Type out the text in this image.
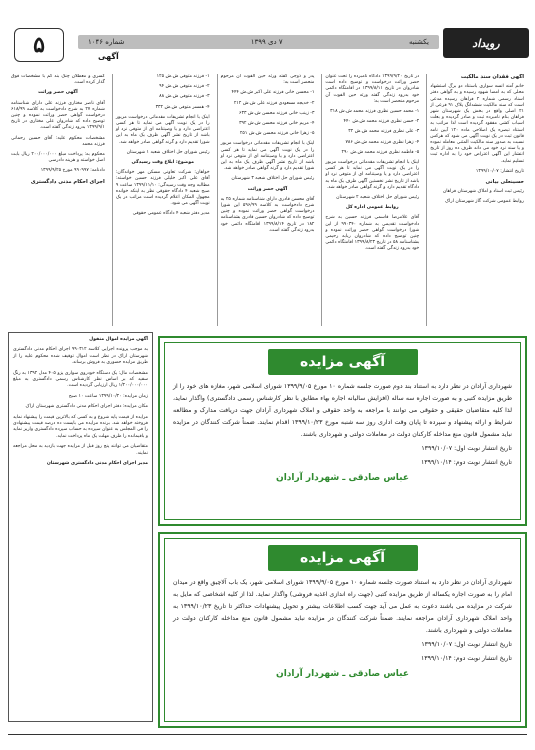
رویداد
یکشنبه
۷ دی ۱۳۹۹
شماره ۱۰۴۶
آگهی
۵

آگهی فقدان سند مالکیت

خانم آمنه انسه سواری باستناد دو برگ استشهاد محلی که به امضا شهود رسیده و به گواهی دفتر اسناد رسمی شماره ۲ فراهان رسیده مدعی است که سند مالکیت ششدانگ پلاک ۹۱ فرعی از ۲۱ اصلی واقع در بخش یک شهرستان شهر فراهان بنام نامبرده ثبت و صادر گردیده و بعلت اسباب کشی مفقود گردیده است لذا مراتب به استناد تبصره یک اصلاحی ماده ۱۲۰ آیین نامه قانون ثبت در یک نوبت آگهی می شود که هرکس نسبت به صدور سند مالکیت المثنی معامله نموده و یا سند نزد خود می داند ظرف ده روز از تاریخ انتشار این آگهی اعتراض خود را به اداره ثبت تسلیم نماید.

تاریخ انتشار: ۱۳۹۹/۱۰/۰۷

حسینعلی بیانی

رئیس ثبت اسناد و املاک شهرستان فراهان

روابط عمومی شرکت گاز شهرستان اراک

در تاریخ ۱۳۹۹/۹/۲۰ دادگاه نامبرده را تحت عنوان حصر وراثت درخواست و توضیح داده است شادروان در تاریخ ۱۳۹۹/۸/۱۱ در اقامتگاه دائمی خود بدرود زندگی گفته ورثه حین الفوت آن مرحوم منحصر است به:

۱- محمد حسین نظری فرزند محمد ش.ش ۳۱۸

۲- حسن نظری فرزند محمد ش.ش ۴۴۰

۳- علی نظری فرزند محمد ش.ش ۳۲

۴- زهرا نظری فرزند محمد ش.ش ۷۸۶

۵- فاطمه نظری فرزند محمد ش.ش ۲۹۰

اینک با انجام تشریفات مقدماتی درخواست مزبور را در یک نوبت آگهی می نماید تا هر کسی اعتراضی دارد و یا وصیتنامه ای از متوفی نزد او باشد از تاریخ نشر نخستین آگهی ظرف یک ماه به دادگاه تقدیم دارد و گرنه گواهی صادر خواهد شد.

رئیس شورای حل اختلاف شعبه ۲ شهرستان

روابط عمومی اداره کل

آقای غلامرضا قاسمی فرزند حسین به شرح دادخواست تقدیمی به شماره ۹۹۰۳۴۰ از این شورا درخواست گواهی حصر وراثت نموده و چنین توضیح داده که شادروان ربابه رحیمی بشناسنامه ۵۸ در تاریخ ۱۳۹۹/۸/۲۳ اقامتگاه دائمی خود بدرود زندگی گفته است.

پدر و ذوجی گفته ورثه حین الفوت آن مرحوم منحصر است به:

۱- محسن خانی فرزند علی اکبر ش.ش ۴۴۴

۲- خدیجه مسعودی فرزند علی ش.ش ۲۱۲

۳- زینب خانی فرزند محسن ش.ش ۶۳۳

۴- مریم خانی فرزند محسن ش.ش ۳۹۲

۵- زهرا خانی فرزند محسن ش.ش ۲۵۱

اینک با انجام تشریفات مقدماتی درخواست مزبور را در یک نوبت آگهی می نماید تا هر کسی اعتراضی دارد و یا وصیتنامه ای از متوفی نزد او باشد از تاریخ نشر آگهی ظرف یک ماه به این شورا تقدیم دارد و گرنه گواهی صادر خواهد شد.

رئیس شورای حل اختلاف شعبه ۳ شهرستان

آگهی حصر وراثت

آقای محسن قادری دارای شناسنامه شماره ۲۵ به شرح دادخواست به کلاسه ۵۹۶/۹۹ این شورا درخواست گواهی حصر وراثت نموده و چنین توضیح داده که شادروان حسین قادری بشناسنامه ۱۸۲ در تاریخ ۱۳۹۹/۸/۱۴ اقامتگاه دائمی خود بدرود زندگی گفته است.

۱- فرزند متوفی ش.ش ۱۲۵

۲- فرزند متوفی ش.ش ۹۴

۳- فرزند متوفی ش.ش ۸۸

۴- همسر متوفی ش.ش ۳۳۲

اینک با انجام تشریفات مقدماتی درخواست مزبور را در یک نوبت آگهی می نماید تا هر کسی اعتراضی دارد و یا وصیتنامه ای از متوفی نزد او باشد از تاریخ نشر آگهی ظرف یک ماه به این شورا تقدیم دارد و گرنه گواهی صادر خواهد شد.

رئیس شورای حل اختلاف شعبه ۱ شهرستان

موضوع: ابلاغ وقت رسیدگی

خواهان: شرکت تعاونی مسکن مهر خواندگان: آقای علی اکبر خلیلی فرزند حسین خواسته: مطالبه وجه وقت رسیدگی: ۱۳۹۹/۱۱/۱۰ ساعت ۹ صبح شعبه ۴ دادگاه حقوقی نظر به اینکه خوانده مجهول المکان اعلام گردیده است مراتب در یک نوبت آگهی می شود.

مدیر دفتر شعبه ۴ دادگاه عمومی حقوقی

کسری و معطلان چنگ بند کم با مشخصات فوق گذار کرده است.

آگهی حصر وراثت

آقای ناصر مختاری فرزند علی دارای شناسنامه شماره ۲۷ به شرح دادخواست به کلاسه ۶۱۸/۹۹ درخواست گواهی حصر وراثت نموده و چنین توضیح داده که شادروان علی مختاری در تاریخ ۱۳۹۹/۹/۱ بدرود زندگی گفته است.

مشخصات محکوم علیه: آقای حسین رحمانی فرزند محمد

محکوم به: پرداخت مبلغ ۲۰۰/۰۰۰/۰۰۰ ریال بابت اصل خواسته و هزینه دادرسی

دادنامه: ۹۹۰۹۹۷ مورخ ۱۳۹۹/۹/۲۵

اجرای احکام مدنی دادگستری

آگهی مزایده اموال منقول

به موجب پرونده اجرایی کلاسه ۹۹۰۳۱۲ اجرای احکام مدنی دادگستری شهرستان اراک در نظر است اموال توقیف شده محکوم علیه را از طریق مزایده حضوری به فروش برساند.

مشخصات مال: یک دستگاه خودروی سواری پژو ۴۰۵ مدل ۱۳۹۲ به رنگ سفید که بر اساس نظر کارشناس رسمی دادگستری به مبلغ ۱/۲۰۰/۰۰۰/۰۰۰ ریال ارزیابی گردیده است.

زمان مزایده: ۱۳۹۹/۱۰/۲۰ ساعت ۱۰ صبح

مکان مزایده: دفتر اجرای احکام مدنی دادگستری شهرستان اراک

مزایده از قیمت پایه شروع و به کسی که بالاترین قیمت را پیشنهاد نماید فروخته خواهد شد. برنده مزایده می بایست ده درصد قیمت پیشنهادی را فی المجلس به عنوان سپرده به حساب سپرده دادگستری واریز نماید و باقیمانده را ظرف مهلت یک ماه پرداخت نماید.

متقاضیان می توانند پنج روز قبل از مزایده جهت بازدید به محل مراجعه نمایند.

مدیر اجرای احکام مدنی دادگستری شهرستان

آگهی مزایده
شهرداری آرادان در نظر دارد به استناد بند دوم صورت جلسه شماره ۱۰ مورخ ۱۳۹۹/۹/۰۵ شورای اسلامی شهر، مغازه های خود را از طریق مزایده کتبی و به صورت اجاره سه ساله (افزایش سالیانه اجاره بهاء مطابق با نظر کارشناس رسمی دادگستری) واگذار نماید، لذا کلیه متقاضیان حقیقی و حقوقی می توانند با مراجعه به واحد حقوقی و املاک شهرداری آرادان جهت دریافت مدارک و مطالعه شرایط و ارائه پیشنهاد و سپرده تا پایان وقت اداری روز سه شنبه مورخ ۱۳۹۹/۱۰/۲۳ اقدام نمایند. ضمناً شرکت کنندگان در مزایده نباید مشمول قانون منع مداخله کارکنان دولت در معاملات دولتی و شهرداری باشند.
تاریخ انتشار نوبت اول: ۱۳۹۹/۱۰/۰۷
تاریخ انتشار نوبت دوم: ۱۳۹۹/۱۰/۱۴
عباس صادقی ـ شهردار آرادان
آگهی مزایده
شهرداری آرادان در نظر دارد به استناد صورت جلسه شماره ۱۰ مورخ ۱۳۹۹/۹/۰۵ شورای اسلامی شهر، یک باب آلاچیق واقع در میدان امام را به صورت اجاره یکساله از طریق مزایده کتبی (جهت راه اندازی اغذیه فروشی) واگذار نماید. لذا از کلیه اشخاصی که مایل به شرکت در مزایده می باشند دعوت به عمل می آید جهت کسب اطلاعات بیشتر و تحویل پیشنهادات حداکثر تا تاریخ ۱۳۹۹/۱۰/۲۳ به واحد املاک شهرداری آرادان مراجعه نمایند. ضمناً شرکت کنندگان در مزایده نباید مشمول قانون منع مداخله کارکنان دولت در معاملات دولتی و شهرداری باشند.
تاریخ انتشار نوبت اول: ۱۳۹۹/۱۰/۰۷
تاریخ انتشار نوبت دوم: ۱۳۹۹/۱۰/۱۴
عباس صادقی ـ شهردار آرادان
